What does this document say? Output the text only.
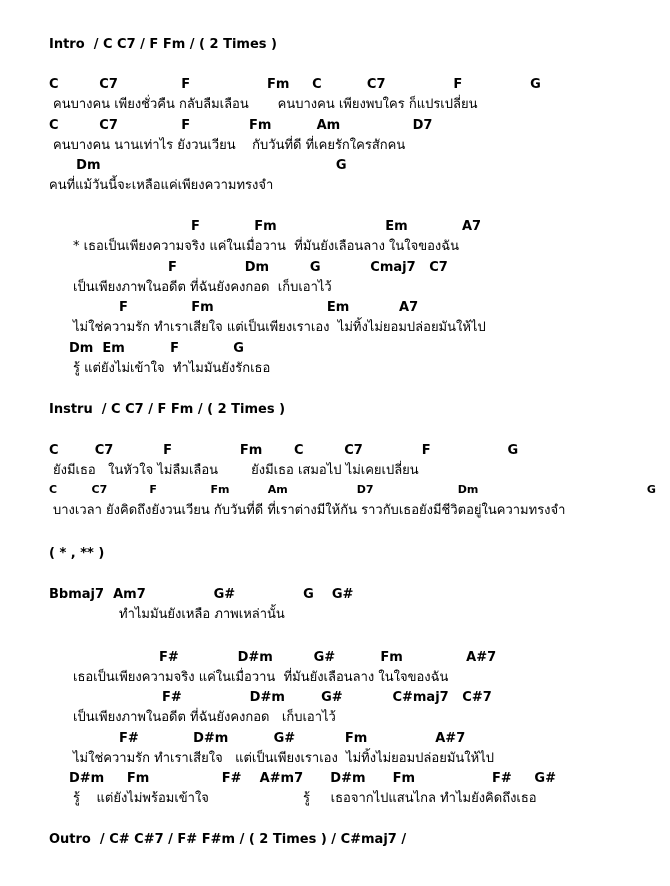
Intro  / C C7 / F Fm / ( 2 Times )
C         C7              F                 Fm     C          C7               F               G
คนบางคน เพียงชั่วคืน กลับลืมเลือน       คนบางคน เพียงพบใคร ก็แปรเปลี่ยน
C         C7              F             Fm          Am                D7
คนบางคน นานเท่าไร ยังวนเวียน    กับวันที่ดี ที่เคยรักใครสักคน
Dm                                                    G
คนที่แม้วันนี้จะเหลือแค่เพียงความทรงจำ
F            Fm                        Em            A7
* เธอเป็นเพียงความจริง แค่ในเมื่อวาน  ที่มันยังเลือนลาง ในใจของฉัน
F               Dm         G           Cmaj7   C7
เป็นเพียงภาพในอดีต ที่ฉันยังคงกอด  เก็บเอาไว้
F              Fm                         Em           A7
ไม่ใช่ความรัก ทำเราเสียใจ แต่เป็นเพียงเราเอง  ไม่ทิ้งไม่ยอมปล่อยมันให้ไป
Dm  Em          F            G
รู้ แต่ยังไม่เข้าใจ  ทำไมมันยังรักเธอ
Instru  / C C7 / F Fm / ( 2 Times )
C        C7           F               Fm       C         C7             F                 G
ยังมีเธอ   ในหัวใจ ไม่ลืมเลือน        ยังมีเธอ เสมอไป ไม่เคยเปลี่ยน
C         C7           F              Fm          Am                  D7                      Dm                                            G
บางเวลา ยังคิดถึงยังวนเวียน กับวันที่ดี ที่เราต่างมีให้กัน ราวกับเธอยังมีชีวิตอยู่ในความทรงจำ
( * , ** )
Bbmaj7  Am7               G#               G    G#
ทำไมมันยังเหลือ ภาพเหล่านั้น
F#             D#m         G#          Fm              A#7
เธอเป็นเพียงความจริง แค่ในเมื่อวาน  ที่มันยังเลือนลาง ในใจของฉัน
F#               D#m        G#           C#maj7   C#7
เป็นเพียงภาพในอดีต ที่ฉันยังคงกอด   เก็บเอาไว้
F#            D#m          G#           Fm               A#7
ไม่ใช่ความรัก ทำเราเสียใจ   แต่เป็นเพียงเราเอง  ไม่ทิ้งไม่ยอมปล่อยมันให้ไป
D#m     Fm                F#    A#m7      D#m      Fm                 F#     G#
รู้    แต่ยังไม่พร้อมเข้าใจ	รู้     เธอจากไปแสนไกล ทำไมยังคิดถึงเธอ
Outro  / C# C#7 / F# F#m / ( 2 Times ) / C#maj7 /
